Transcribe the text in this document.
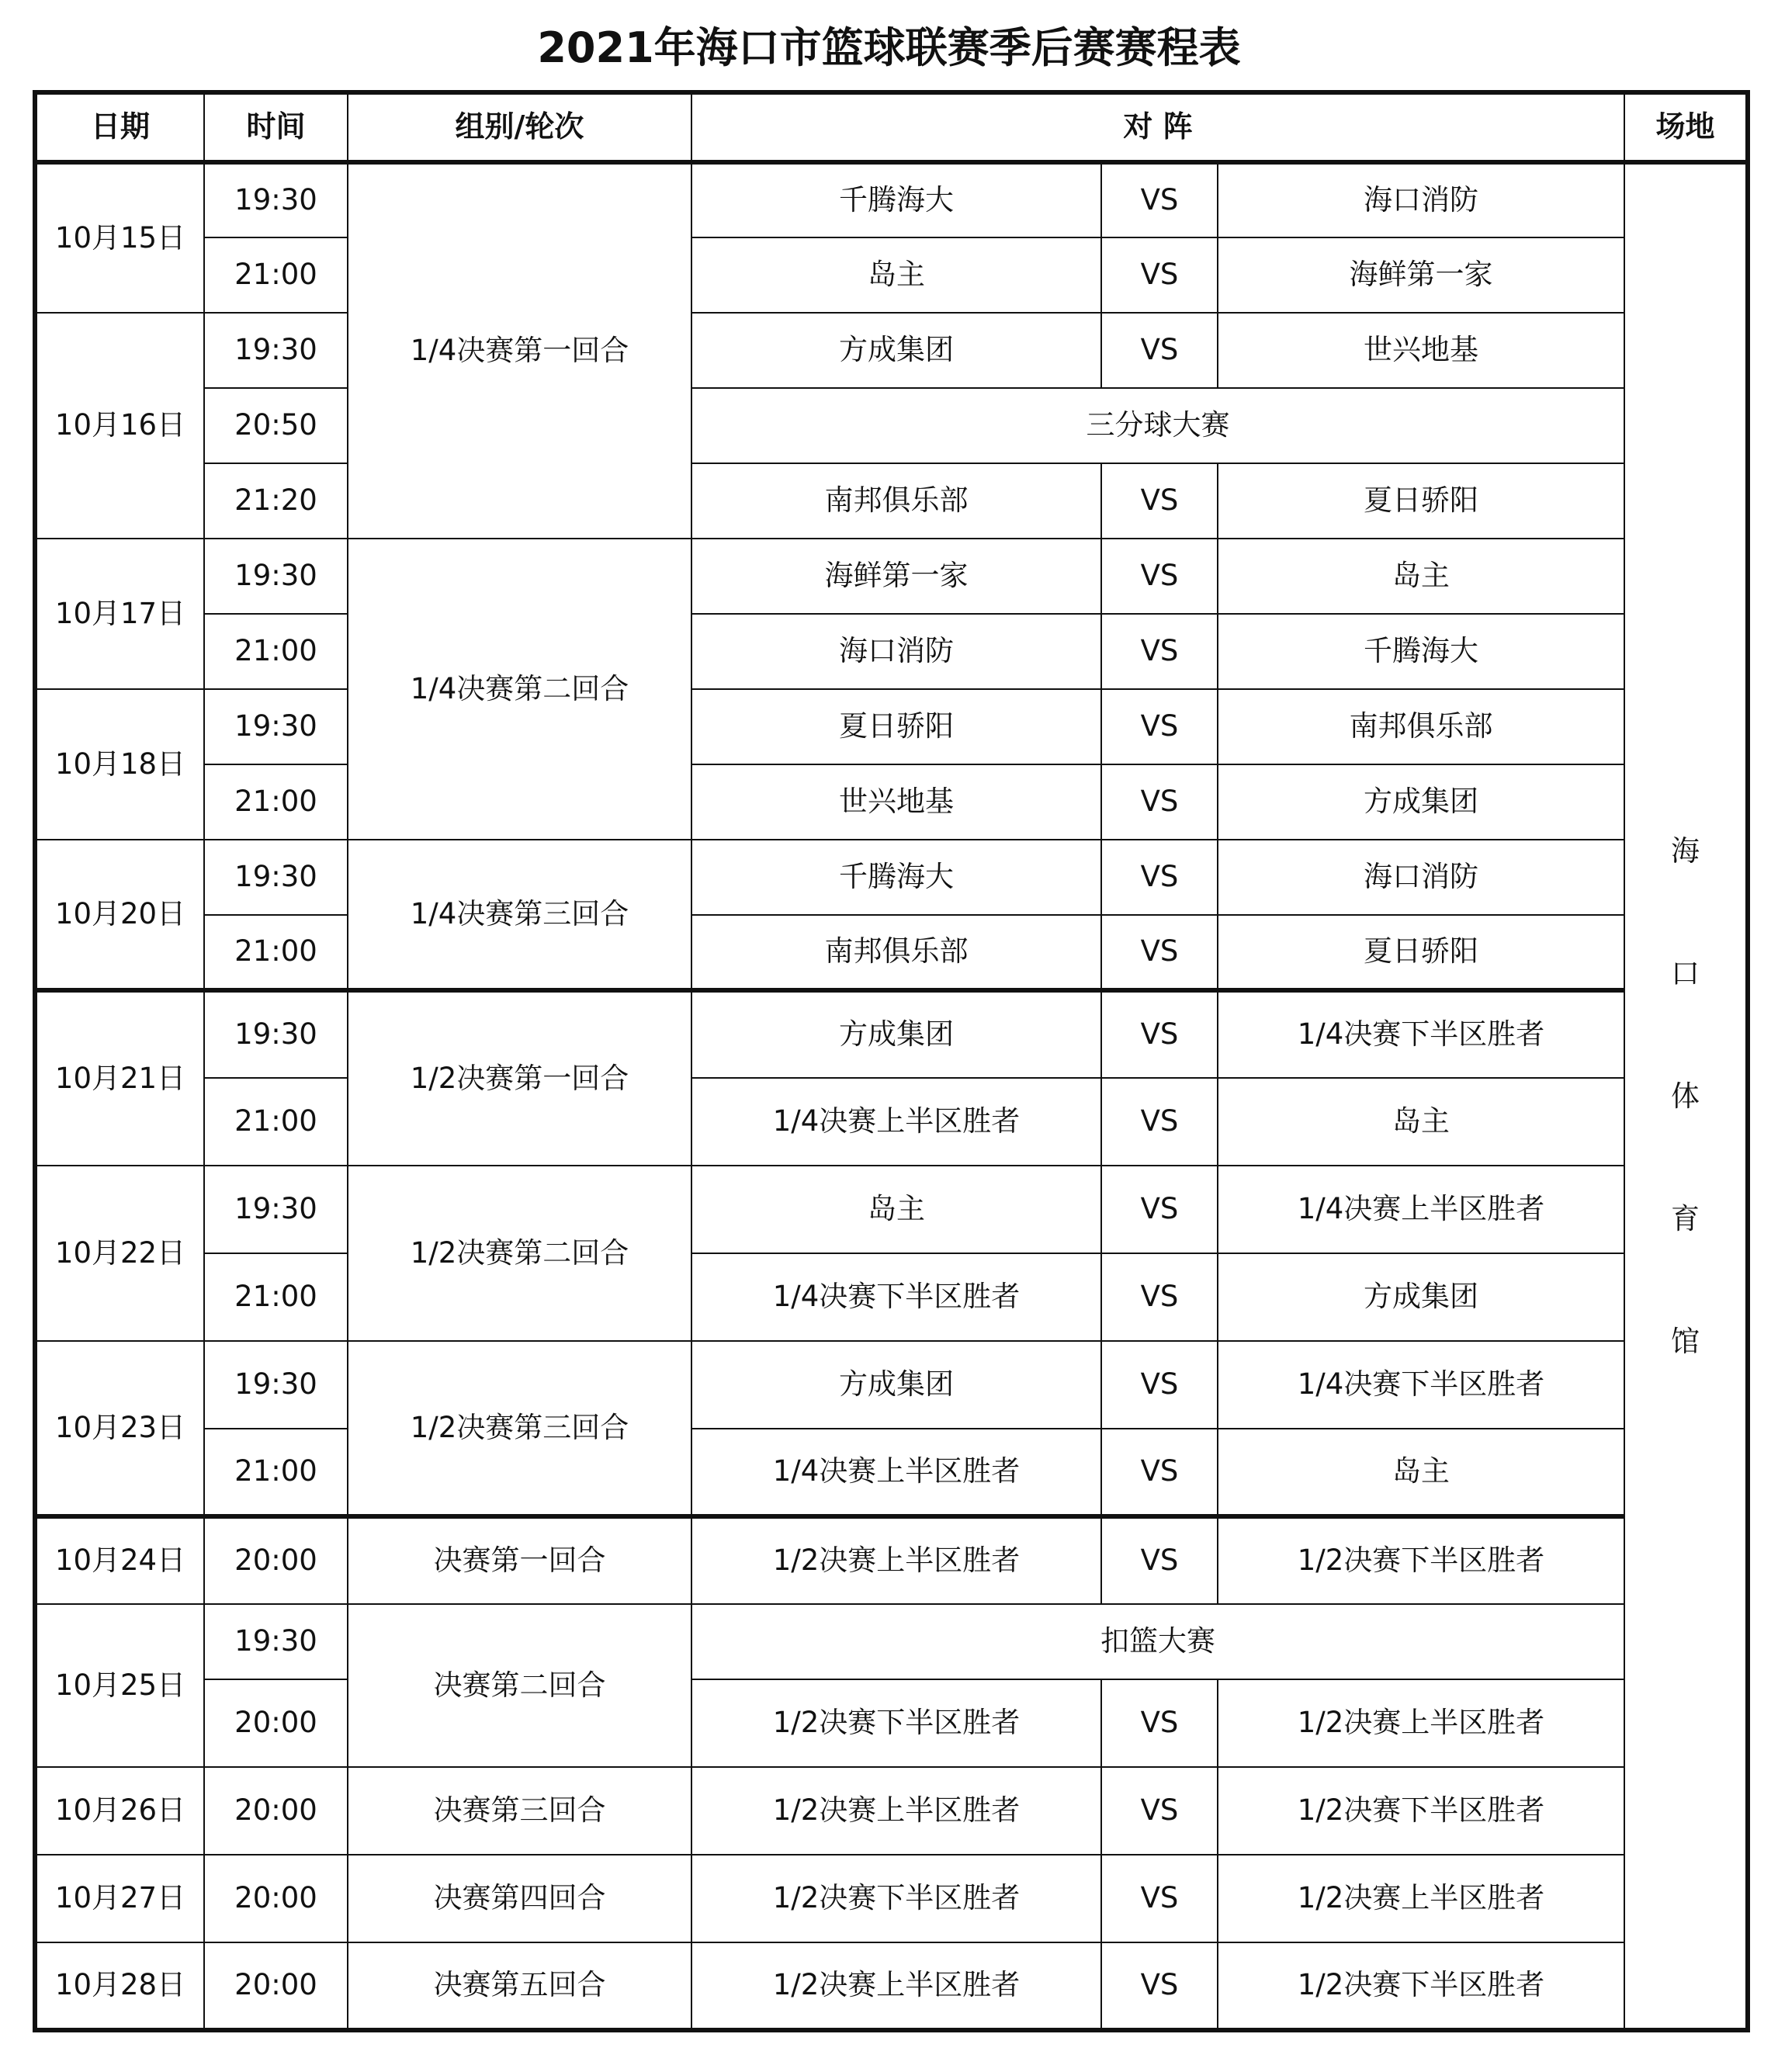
2021年海口市篮球联赛季后赛赛程表
日期	时间	组别/轮次	对 阵			场地
10月15日	19:30	1/4决赛第一回合	千腾海大	VS	海口消防	海
口
体
育
馆

	21:00		岛主	VS	海鲜第一家	
10月16日	19:30		方成集团	VS	世兴地基	
	20:50		三分球大赛			
	21:20		南邦俱乐部	VS	夏日骄阳	
10月17日	19:30	1/4决赛第二回合	海鲜第一家	VS	岛主	
	21:00		海口消防	VS	千腾海大	
10月18日	19:30		夏日骄阳	VS	南邦俱乐部	
	21:00		世兴地基	VS	方成集团	
10月20日	19:30	1/4决赛第三回合	千腾海大	VS	海口消防	
	21:00		南邦俱乐部	VS	夏日骄阳	
10月21日	19:30	1/2决赛第一回合	方成集团	VS	1/4决赛下半区胜者	
	21:00		1/4决赛上半区胜者	VS	岛主	
10月22日	19:30	1/2决赛第二回合	岛主	VS	1/4决赛上半区胜者	
	21:00		1/4决赛下半区胜者	VS	方成集团	
10月23日	19:30	1/2决赛第三回合	方成集团	VS	1/4决赛下半区胜者	
	21:00		1/4决赛上半区胜者	VS	岛主	
10月24日	20:00	决赛第一回合	1/2决赛上半区胜者	VS	1/2决赛下半区胜者	
10月25日	19:30	决赛第二回合	扣篮大赛			
	20:00		1/2决赛下半区胜者	VS	1/2决赛上半区胜者	
10月26日	20:00	决赛第三回合	1/2决赛上半区胜者	VS	1/2决赛下半区胜者	
10月27日	20:00	决赛第四回合	1/2决赛下半区胜者	VS	1/2决赛上半区胜者	
10月28日	20:00	决赛第五回合	1/2决赛上半区胜者	VS	1/2决赛下半区胜者	
